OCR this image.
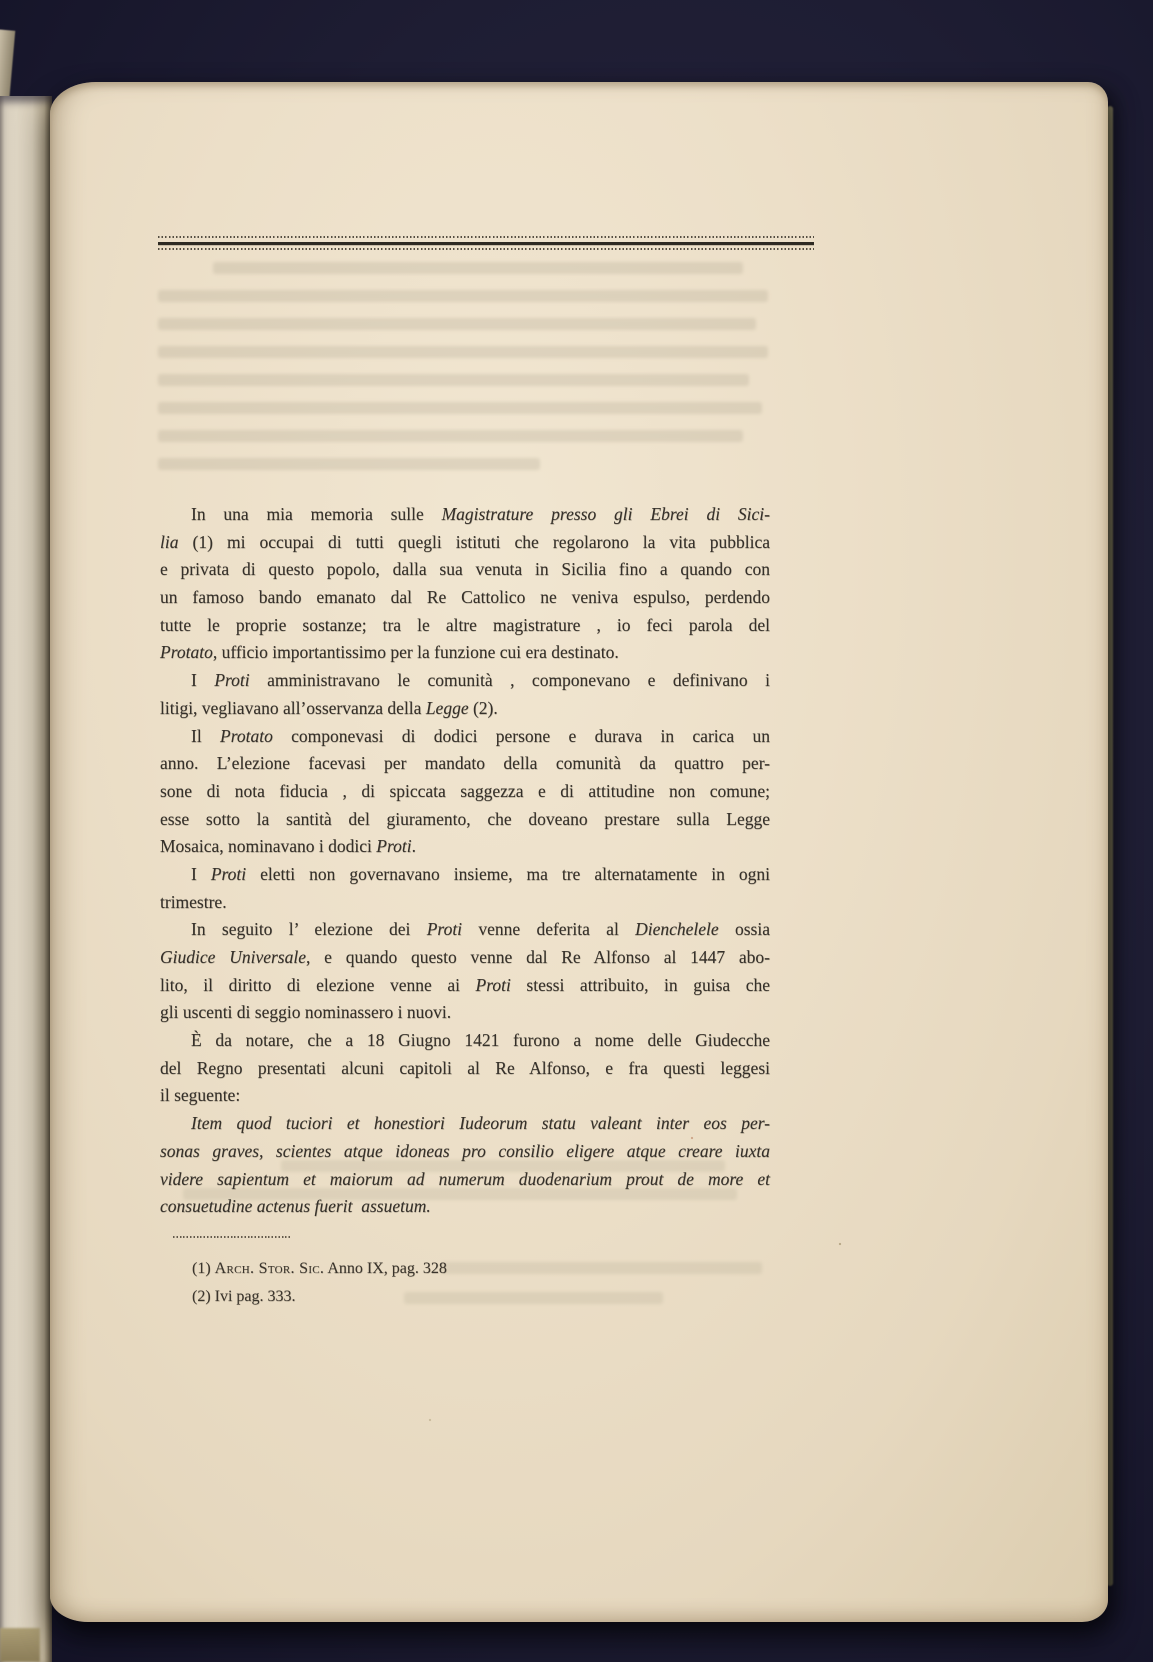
In una mia memoria sulle Magistrature presso gli Ebrei di Sici-
lia (1) mi occupai di tutti quegli istituti che regolarono la vita pubblica
e privata di questo popolo, dalla sua venuta in Sicilia fino a quando con
un famoso bando emanato dal Re Cattolico ne veniva espulso, perdendo
tutte le proprie sostanze; tra le altre magistrature , io feci parola del
Protato, ufficio importantissimo per la funzione cui era destinato.
I Proti amministravano le comunità , componevano e definivano i
litigi, vegliavano all’osservanza della Legge (2).
Il Protato componevasi di dodici persone e durava in carica un
anno. L’elezione facevasi per mandato della comunità da quattro per-
sone di nota fiducia , di spiccata saggezza e di attitudine non comune;
esse sotto la santità del giuramento, che doveano prestare sulla Legge
Mosaica, nominavano i dodici Proti.
I Proti eletti non governavano insieme, ma tre alternatamente in ogni
trimestre.
In seguito l’ elezione dei Proti venne deferita al Dienchelele ossia
Giudice Universale, e quando questo venne dal Re Alfonso al 1447 abo-
lito, il diritto di elezione venne ai Proti stessi attribuito, in guisa che
gli uscenti di seggio nominassero i nuovi.
È da notare, che a 18 Giugno 1421 furono a nome delle Giudecche
del Regno presentati alcuni capitoli al Re Alfonso, e fra questi leggesi
il seguente:
Item quod tuciori et honestiori Iudeorum statu valeant inter eos per-
sonas graves, scientes atque idoneas pro consilio eligere atque creare iuxta
videre sapientum et maiorum ad numerum duodenarium prout de more et
consuetudine actenus fuerit  assuetum.
(1) Arch. Stor. Sic. Anno IX, pag. 328
(2) Ivi pag. 333.
